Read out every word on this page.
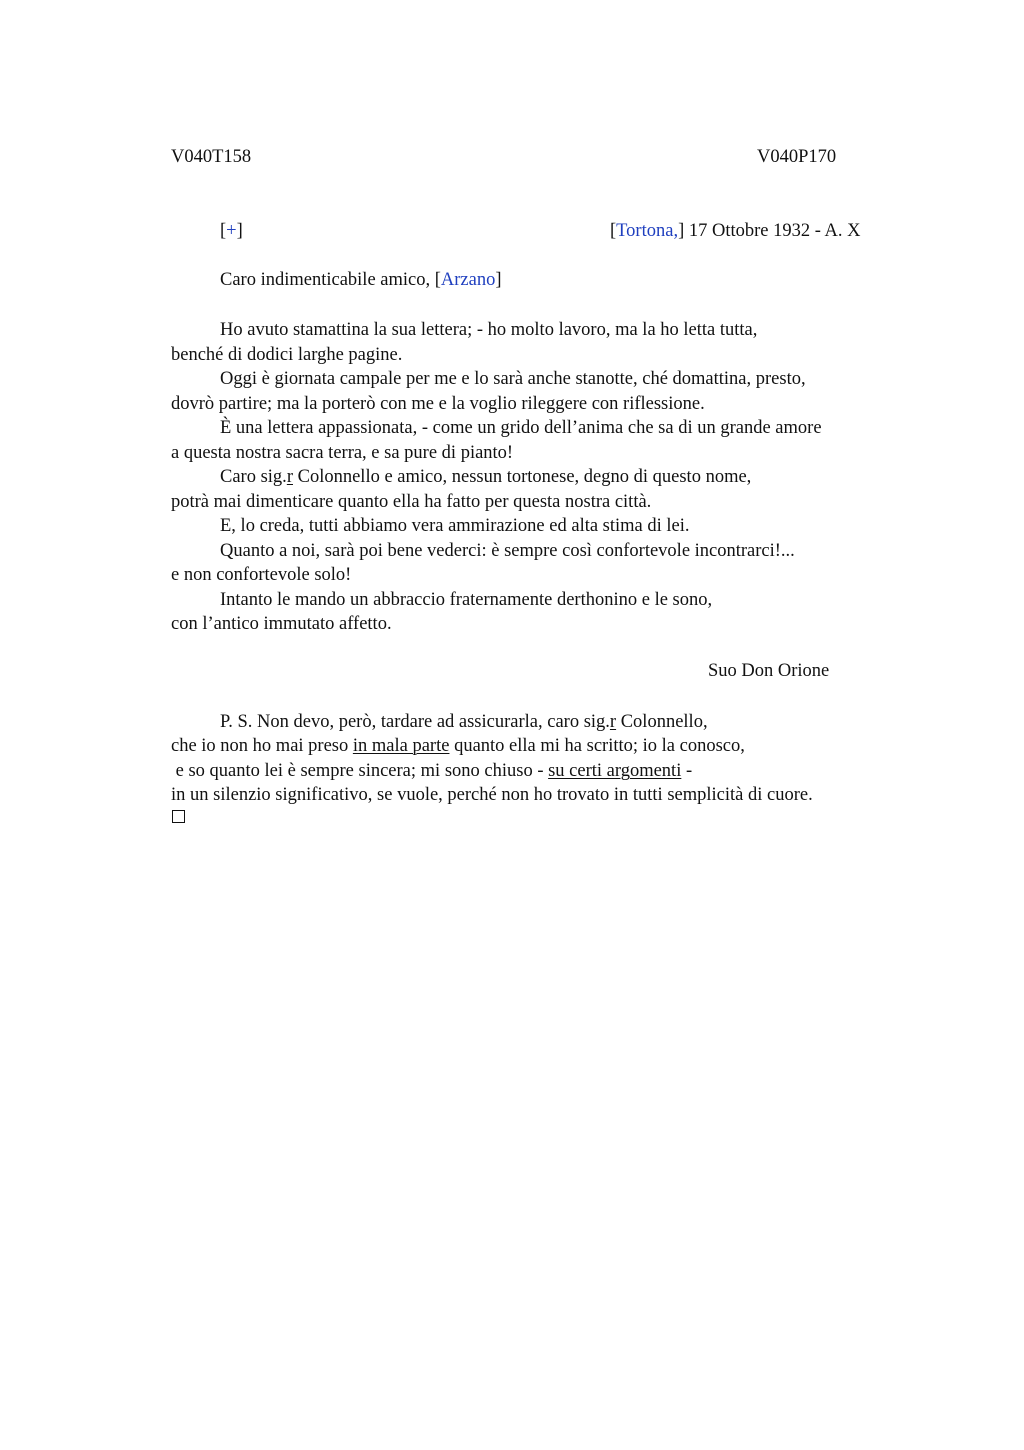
V040T158	V040P170
[+]	[Tortona,] 17 Ottobre 1932 - A. X
Caro indimenticabile amico, [Arzano]
Ho avuto stamattina la sua lettera; - ho molto lavoro, ma la ho letta tutta,
benché di dodici larghe pagine.
Oggi è giornata campale per me e lo sarà anche stanotte, ché domattina, presto,
dovrò partire; ma la porterò con me e la voglio rileggere con riflessione.
È una lettera appassionata, - come un grido dell’anima che sa di un grande amore
a questa nostra sacra terra, e sa pure di pianto!
Caro sig.r Colonnello e amico, nessun tortonese, degno di questo nome,
potrà mai dimenticare quanto ella ha fatto per questa nostra città.
E, lo creda, tutti abbiamo vera ammirazione ed alta stima di lei.
Quanto a noi, sarà poi bene vederci: è sempre così confortevole incontrarci!...
e non confortevole solo!
Intanto le mando un abbraccio fraternamente derthonino e le sono,
con l’antico immutato affetto.
Suo Don Orione
P. S. Non devo, però, tardare ad assicurarla, caro sig.r Colonnello,
che io non ho mai preso in mala parte quanto ella mi ha scritto; io la conosco,
e so quanto lei è sempre sincera; mi sono chiuso - su certi argomenti -
in un silenzio significativo, se vuole, perché non ho trovato in tutti semplicità di cuore.
